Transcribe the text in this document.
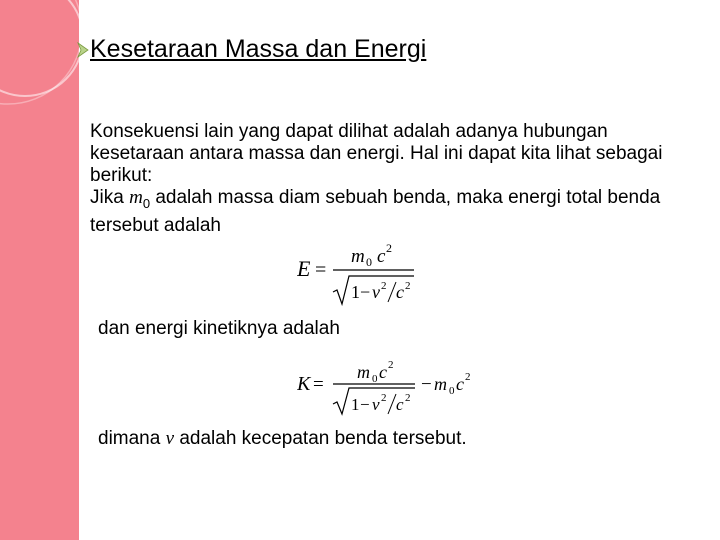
Kesetaraan Massa dan Energi

Konsekuensi lain yang dapat dilihat adalah adanya hubungan kesetaraan antara massa dan energi. Hal ini dapat kita lihat sebagai berikut:

Jika $m_0$ adalah massa diam sebuah benda, maka energi total benda tersebut adalah

E =
m 0 c 2
1 − v 2 c 2
dan energi kinetiknya adalah
K =
m 0 c 2
1 − v 2 c 2
− m 0 c 2
dimana v adalah kecepatan benda tersebut.
